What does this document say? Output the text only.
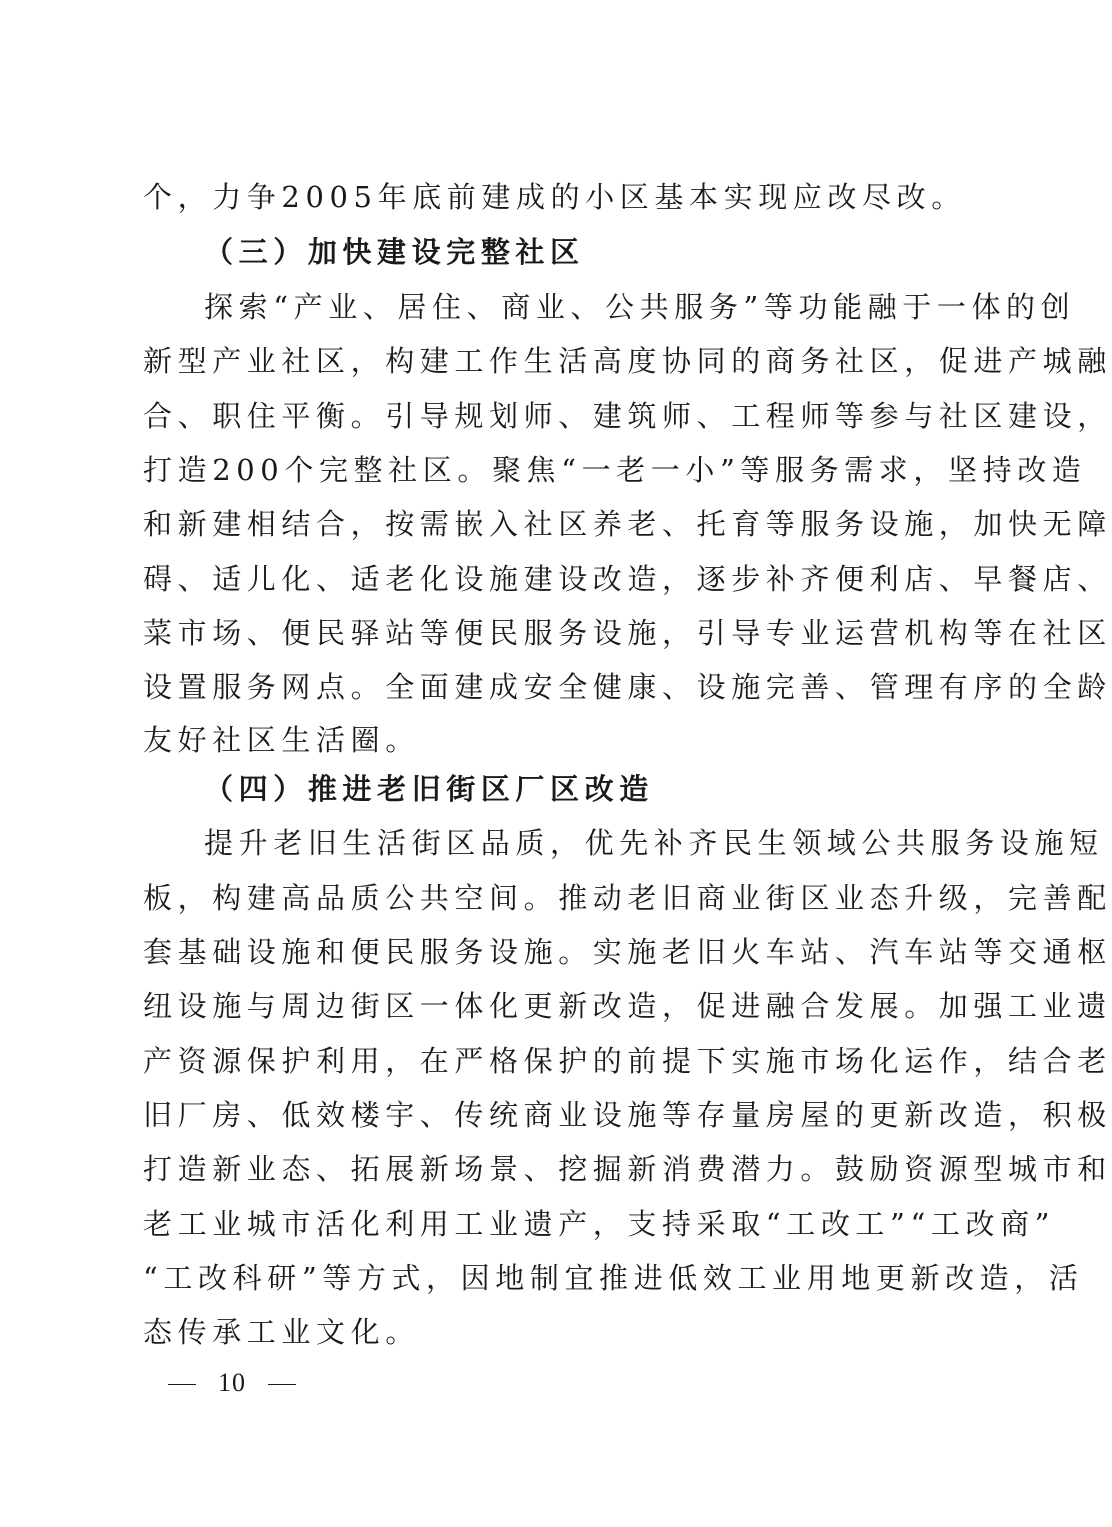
个，力争2005年底前建成的小区基本实现应改尽改。
（三）加快建设完整社区
探索“产业、居住、商业、公共服务”等功能融于一体的创
新型产业社区，构建工作生活高度协同的商务社区，促进产城融
合、职住平衡。引导规划师、建筑师、工程师等参与社区建设，
打造200个完整社区。聚焦“一老一小”等服务需求，坚持改造
和新建相结合，按需嵌入社区养老、托育等服务设施，加快无障
碍、适儿化、适老化设施建设改造，逐步补齐便利店、早餐店、
菜市场、便民驿站等便民服务设施，引导专业运营机构等在社区
设置服务网点。全面建成安全健康、设施完善、管理有序的全龄
友好社区生活圈。
（四）推进老旧街区厂区改造
提升老旧生活街区品质，优先补齐民生领域公共服务设施短
板，构建高品质公共空间。推动老旧商业街区业态升级，完善配
套基础设施和便民服务设施。实施老旧火车站、汽车站等交通枢
纽设施与周边街区一体化更新改造，促进融合发展。加强工业遗
产资源保护利用，在严格保护的前提下实施市场化运作，结合老
旧厂房、低效楼宇、传统商业设施等存量房屋的更新改造，积极
打造新业态、拓展新场景、挖掘新消费潜力。鼓励资源型城市和
老工业城市活化利用工业遗产，支持采取“工改工”“工改商”
“工改科研”等方式，因地制宜推进低效工业用地更新改造，活
态传承工业文化。
10
